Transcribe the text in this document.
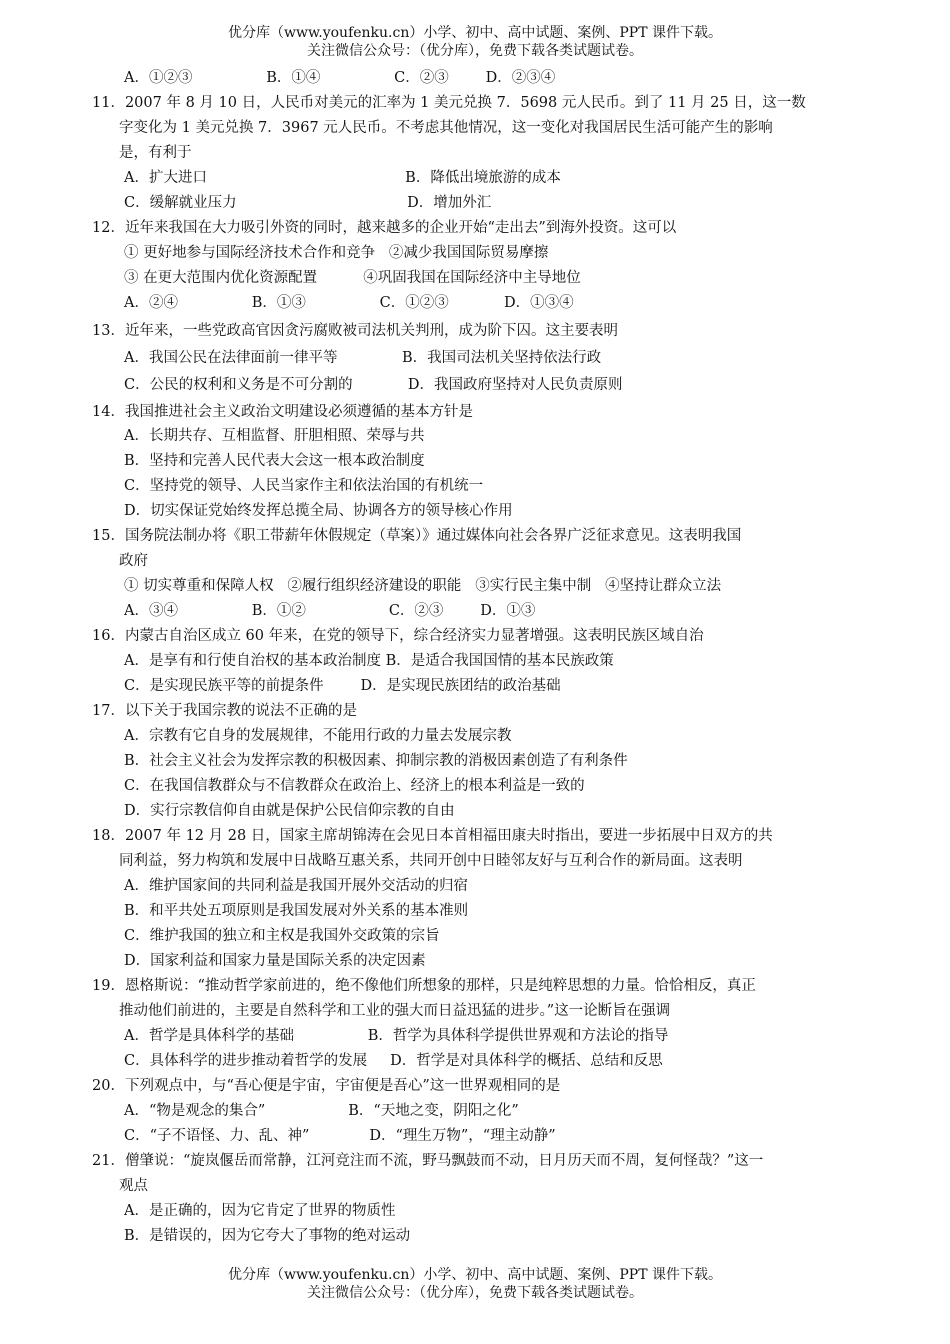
优分库（www.youfenku.cn）小学、初中、高中试题、案例、PPT 课件下载。
关注微信公众号：（优分库），免费下载各类试题试卷。
A．①②③                B．①④                C．②③        D．②③④
11．2007 年 8 月 10 日，人民币对美元的汇率为 1 美元兑换 7．5698 元人民币。到了 11 月 25 日，这一数
字变化为 1 美元兑换 7．3967 元人民币。不考虑其他情况，这一变化对我国居民生活可能产生的影响
是，有利于
A．扩大进口                                           B．降低出境旅游的成本
C．缓解就业压力                                     D．增加外汇
12．近年来我国在大力吸引外资的同时，越来越多的企业开始“走出去”到海外投资。这可以
① 更好地参与国际经济技术合作和竞争   ②减少我国国际贸易摩擦
③ 在更大范围内优化资源配置          ④巩固我国在国际经济中主导地位
A．②④                B．①③                C．①②③            D．①③④
13．近年来，一些党政高官因贪污腐败被司法机关判刑，成为阶下囚。这主要表明
A．我国公民在法律面前一律平等              B．我国司法机关坚持依法行政
C．公民的权利和义务是不可分割的            D．我国政府坚持对人民负责原则
14．我国推进社会主义政治文明建设必须遵循的基本方针是
A．长期共存、互相监督、肝胆相照、荣辱与共
B．坚持和完善人民代表大会这一根本政治制度
C．坚持党的领导、人民当家作主和依法治国的有机统一
D．切实保证党始终发挥总揽全局、协调各方的领导核心作用
15．国务院法制办将《职工带薪年休假规定（草案）》通过媒体向社会各界广泛征求意见。这表明我国
政府
① 切实尊重和保障人权   ②履行组织经济建设的职能   ③实行民主集中制   ④坚持让群众立法
A．③④                B．①②                  C．②③        D．①③
16．内蒙古自治区成立 60 年来，在党的领导下，综合经济实力显著增强。这表明民族区域自治
A．是享有和行使自治权的基本政治制度 B．是适合我国国情的基本民族政策
C．是实现民族平等的前提条件        D．是实现民族团结的政治基础
17．以下关于我国宗教的说法不正确的是
A．宗教有它自身的发展规律，不能用行政的力量去发展宗教
B．社会主义社会为发挥宗教的积极因素、抑制宗教的消极因素创造了有利条件
C．在我国信教群众与不信教群众在政治上、经济上的根本利益是一致的
D．实行宗教信仰自由就是保护公民信仰宗教的自由
18．2007 年 12 月 28 日，国家主席胡锦涛在会见日本首相福田康夫时指出，要进一步拓展中日双方的共
同利益，努力构筑和发展中日战略互惠关系，共同开创中日睦邻友好与互利合作的新局面。这表明
A．维护国家间的共同利益是我国开展外交活动的归宿
B．和平共处五项原则是我国发展对外关系的基本准则
C．维护我国的独立和主权是我国外交政策的宗旨
D．国家利益和国家力量是国际关系的决定因素
19．恩格斯说：“推动哲学家前进的，绝不像他们所想象的那样，只是纯粹思想的力量。恰恰相反，真正
推动他们前进的，主要是自然科学和工业的强大而日益迅猛的进步。”这一论断旨在强调
A．哲学是具体科学的基础                B．哲学为具体科学提供世界观和方法论的指导
C．具体科学的进步推动着哲学的发展     D．哲学是对具体科学的概括、总结和反思
20．下列观点中，与“吾心便是宇宙，宇宙便是吾心”这一世界观相同的是
A．“物是观念的集合”                  B．“天地之变，阴阳之化”
C．“子不语怪、力、乱、神”             D．“理生万物”，“理主动静”
21．僧肇说：“旋岚偃岳而常静，江河竞注而不流，野马飘鼓而不动，日月历天而不周，复何怪哉？”这一
观点
A．是正确的，因为它肯定了世界的物质性
B．是错误的，因为它夸大了事物的绝对运动
优分库（www.youfenku.cn）小学、初中、高中试题、案例、PPT 课件下载。
关注微信公众号：（优分库），免费下载各类试题试卷。
